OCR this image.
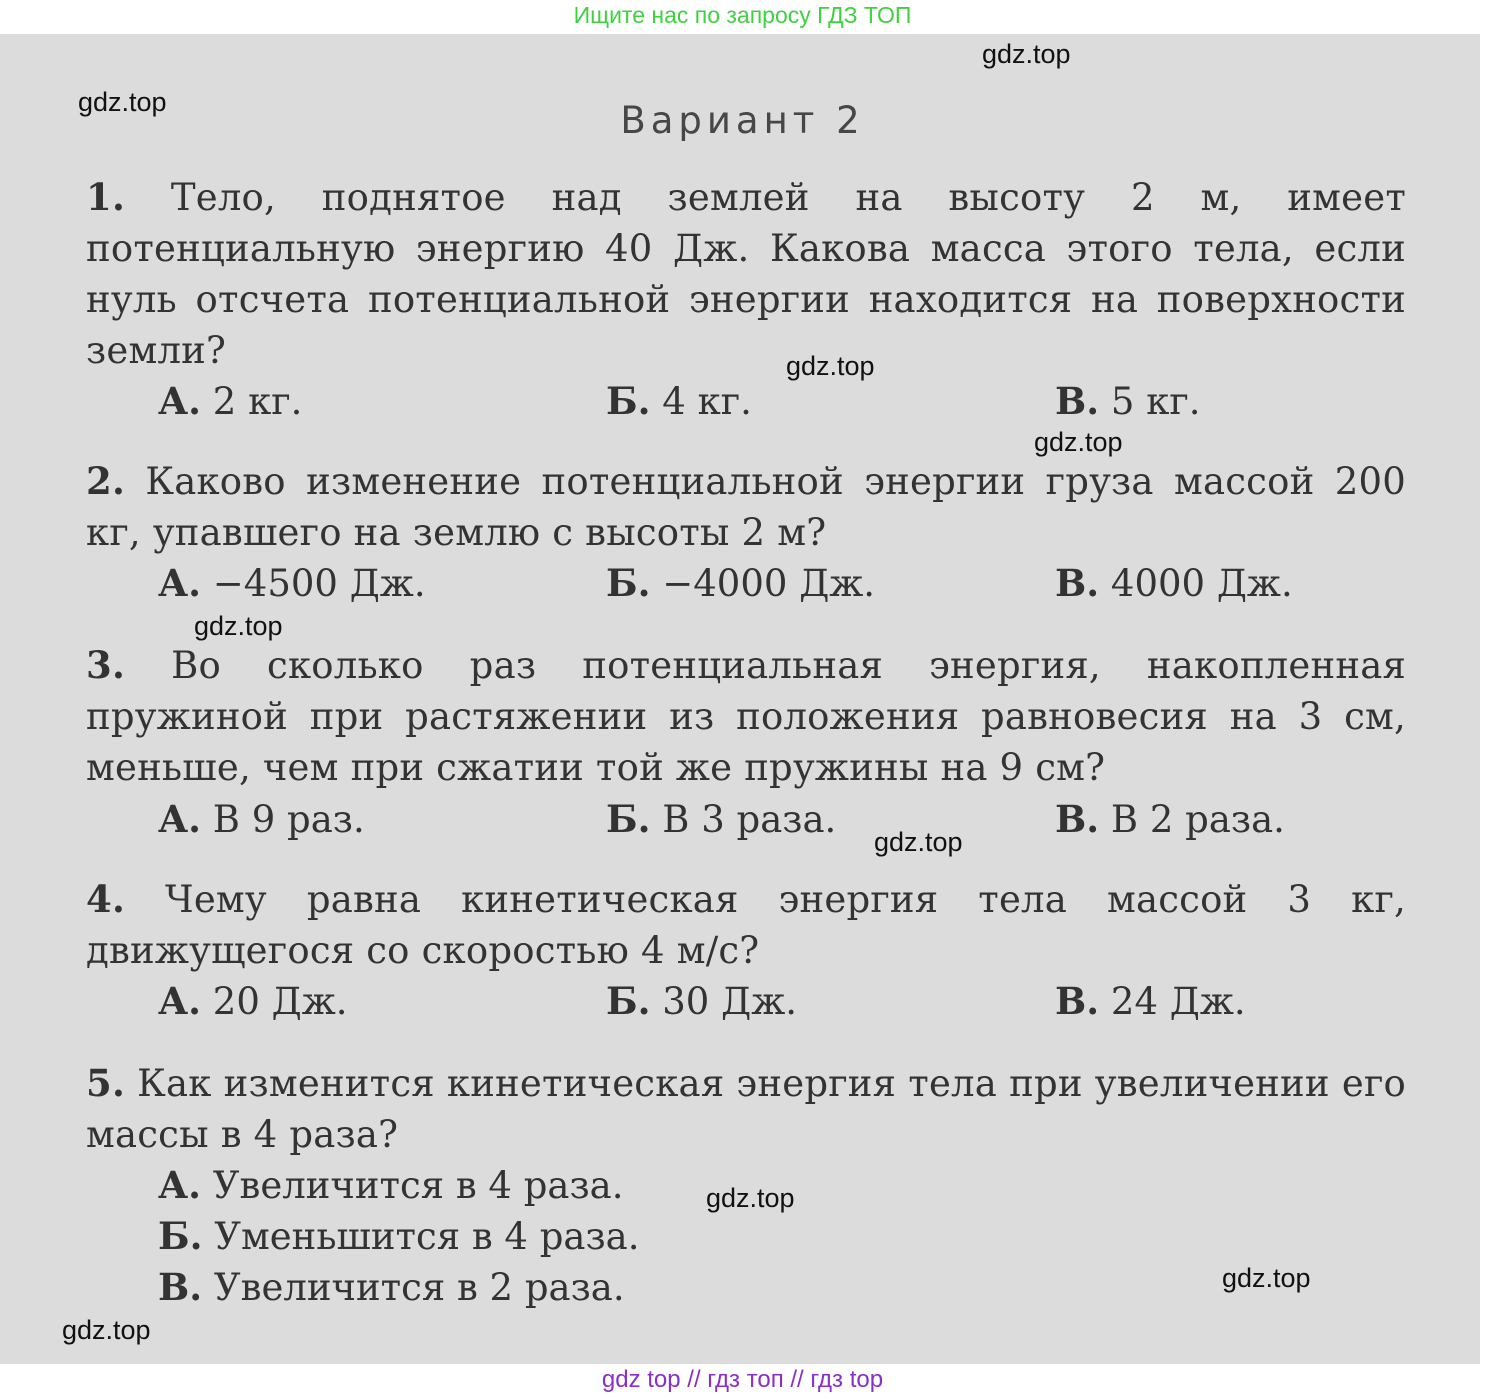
Ищите нас по запросу ГДЗ ТОП
Вариант 2
1. Тело, поднятое над землей на высоту 2 м, имеет потенциальную энергию 40 Дж. Какова масса этого тела, если нуль отсчета потенциальной энергии находится на поверхности земли?
А. 2 кг.	Б. 4 кг.	В. 5 кг.
2. Каково изменение потенциальной энергии груза массой 200 кг, упавшего на землю с высоты 2 м?
А. −4500 Дж.	Б. −4000 Дж.	В. 4000 Дж.
3. Во сколько раз потенциальная энергия, накопленная пружиной при растяжении из положения равновесия на 3 см, меньше, чем при сжатии той же пружины на 9 см?
А. В 9 раз.	Б. В 3 раза.	В. В 2 раза.
4. Чему равна кинетическая энергия тела массой 3 кг, движущегося со скоростью 4 м/с?
А. 20 Дж.	Б. 30 Дж.	В. 24 Дж.
5. Как изменится кинетическая энергия тела при увеличении его массы в 4 раза?
А. Увеличится в 4 раза.
Б. Уменьшится в 4 раза.
В. Увеличится в 2 раза.
gdz.top
gdz.top
gdz.top
gdz.top
gdz.top
gdz.top
gdz.top
gdz.top
gdz.top
gdz top // гдз топ // гдз top
